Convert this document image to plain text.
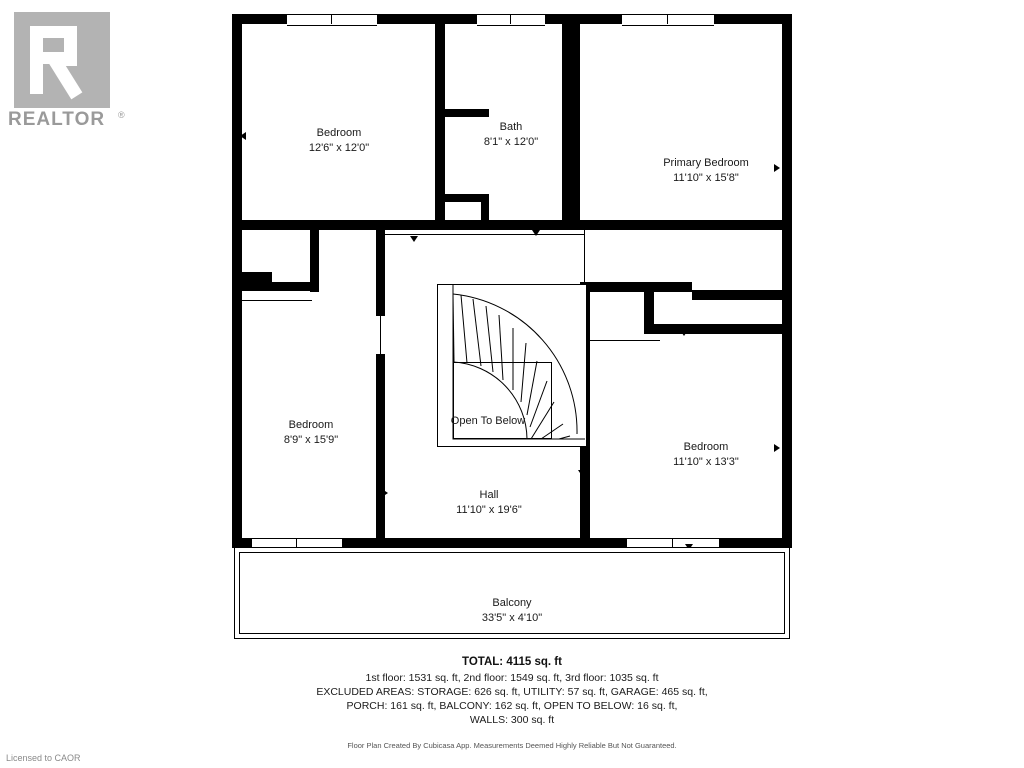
REALTOR ®
Bedroom
12'6" x 12'0"
Bath
8'1" x 12'0"
Primary Bedroom
11'10" x 15'8"
Bedroom
8'9" x 15'9"
Open To Below
Bedroom
11'10" x 13'3"
Hall
11'10" x 19'6"
Balcony
33'5" x 4'10"
TOTAL: 4115 sq. ft
1st floor: 1531 sq. ft, 2nd floor: 1549 sq. ft, 3rd floor: 1035 sq. ft
EXCLUDED AREAS: STORAGE: 626 sq. ft, UTILITY: 57 sq. ft, GARAGE: 465 sq. ft,
PORCH: 161 sq. ft, BALCONY: 162 sq. ft, OPEN TO BELOW: 16 sq. ft,
WALLS: 300 sq. ft
Floor Plan Created By Cubicasa App. Measurements Deemed Highly Reliable But Not Guaranteed.
Licensed to CAOR
